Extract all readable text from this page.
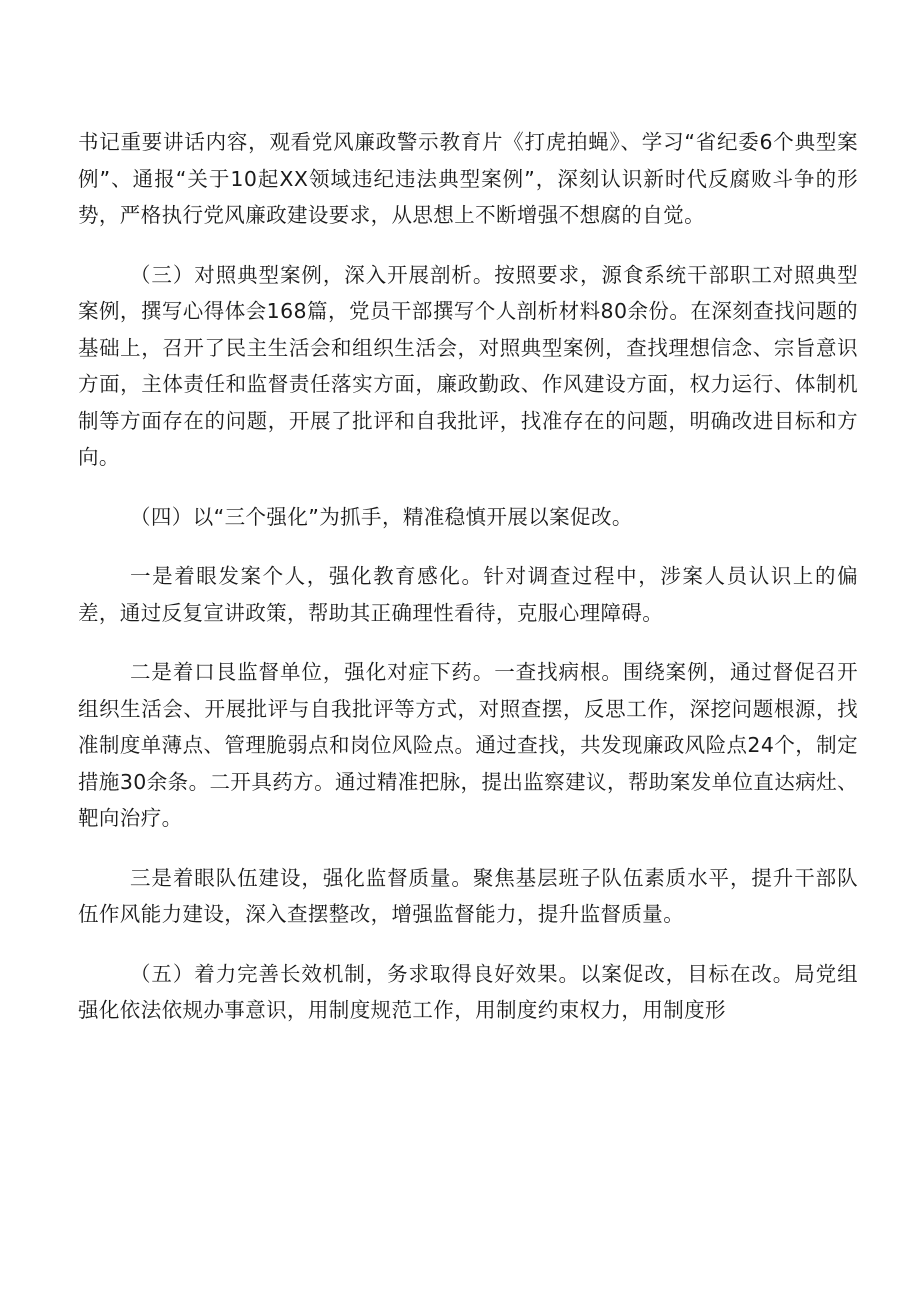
书记重要讲话内容，观看党风廉政警示教育片《打虎拍蝇》、学习“省纪委6个典型案例”、通报“关于10起XX领域违纪违法典型案例”，深刻认识新时代反腐败斗争的形势，严格执行党风廉政建设要求，从思想上不断增强不想腐的自觉。

（三）对照典型案例，深入开展剖析。按照要求，源食系统干部职工对照典型案例，撰写心得体会168篇，党员干部撰写个人剖析材料80余份。在深刻查找问题的基础上，召开了民主生活会和组织生活会，对照典型案例，查找理想信念、宗旨意识方面，主体责任和监督责任落实方面，廉政勤政、作风建设方面，权力运行、体制机制等方面存在的问题，开展了批评和自我批评，找准存在的问题，明确改进目标和方向。

（四）以“三个强化”为抓手，精准稳慎开展以案促改。

一是着眼发案个人，强化教育感化。针对调查过程中，涉案人员认识上的偏差，通过反复宣讲政策，帮助其正确理性看待，克服心理障碍。

二是着口艮监督单位，强化对症下药。一查找病根。围绕案例，通过督促召开组织生活会、开展批评与自我批评等方式，对照查摆，反思工作，深挖问题根源，找准制度单薄点、管理脆弱点和岗位风险点。通过查找，共发现廉政风险点24个，制定措施30余条。二开具药方。通过精准把脉，提出监察建议，帮助案发单位直达病灶、靶向治疗。

三是着眼队伍建设，强化监督质量。聚焦基层班子队伍素质水平，提升干部队伍作风能力建设，深入查摆整改，增强监督能力，提升监督质量。

（五）着力完善长效机制，务求取得良好效果。以案促改，目标在改。局党组强化依法依规办事意识，用制度规范工作，用制度约束权力，用制度形
